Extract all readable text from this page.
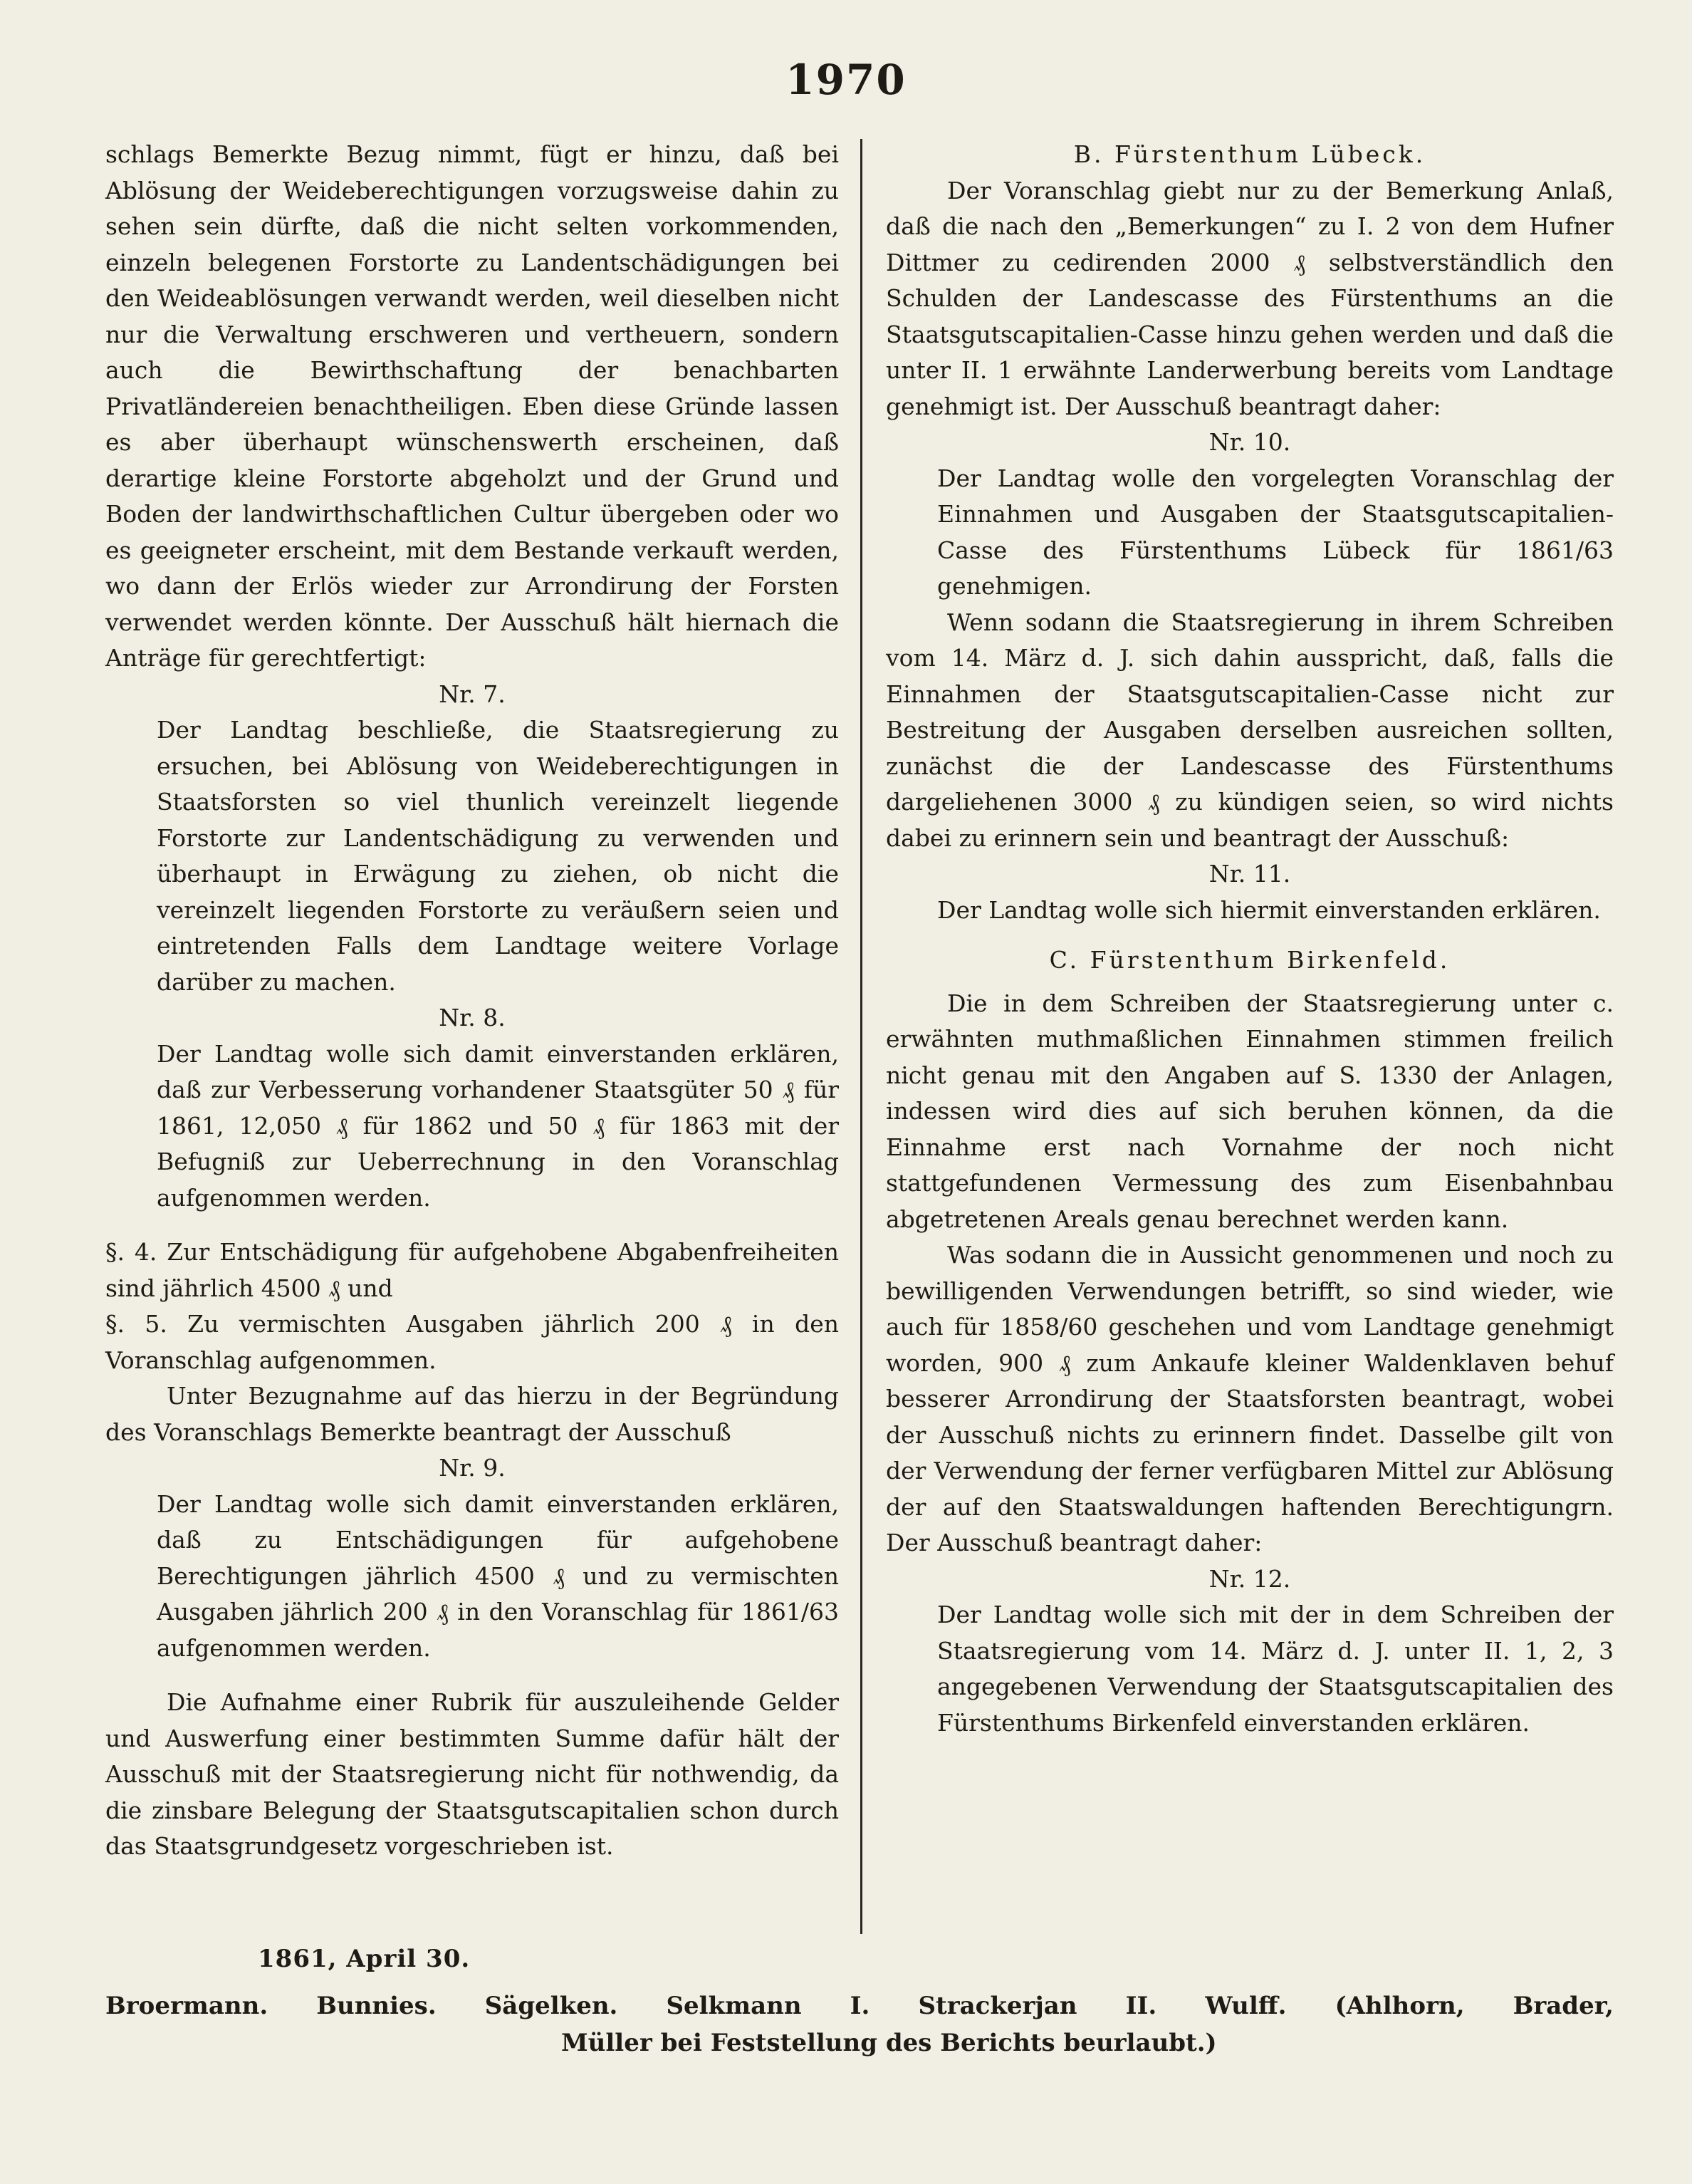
1970

schlags Bemerkte Bezug nimmt, fügt er hinzu, daß bei Ablösung der Weideberechtigungen vorzugsweise dahin zu sehen sein dürfte, daß die nicht selten vorkommenden, einzeln belegenen Forstorte zu Landentschädigungen bei den Weideablösungen verwandt werden, weil dieselben nicht nur die Verwaltung erschweren und vertheuern, sondern auch die Bewirthschaftung der benachbarten Privatländereien benachtheiligen. Eben diese Gründe lassen es aber überhaupt wünschenswerth erscheinen, daß derartige kleine Forstorte abgeholzt und der Grund und Boden der landwirthschaftlichen Cultur übergeben oder wo es geeigneter erscheint, mit dem Bestande verkauft werden, wo dann der Erlös wieder zur Arrondirung der Forsten verwendet werden könnte. Der Ausschuß hält hiernach die Anträge für gerechtfertigt:

Nr. 7.

Der Landtag beschließe, die Staatsregierung zu ersuchen, bei Ablösung von Weideberechtigungen in Staatsforsten so viel thunlich vereinzelt liegende Forstorte zur Landentschädigung zu verwenden und überhaupt in Erwägung zu ziehen, ob nicht die vereinzelt liegenden Forstorte zu veräußern seien und eintretenden Falls dem Landtage weitere Vorlage darüber zu machen.

Nr. 8.

Der Landtag wolle sich damit einverstanden erklären, daß zur Verbesserung vorhandener Staatsgüter 50 ₰ für 1861, 12,050 ₰ für 1862 und 50 ₰ für 1863 mit der Befugniß zur Ueberrechnung in den Voranschlag aufgenommen werden.

§. 4. Zur Entschädigung für aufgehobene Abgabenfreiheiten sind jährlich 4500 ₰ und

§. 5. Zu vermischten Ausgaben jährlich 200 ₰ in den Voranschlag aufgenommen.

Unter Bezugnahme auf das hierzu in der Begründung des Voranschlags Bemerkte beantragt der Ausschuß

Nr. 9.

Der Landtag wolle sich damit einverstanden erklären, daß zu Entschädigungen für aufgehobene Berechtigungen jährlich 4500 ₰ und zu vermischten Ausgaben jährlich 200 ₰ in den Voranschlag für 1861/63 aufgenommen werden.

Die Aufnahme einer Rubrik für auszuleihende Gelder und Auswerfung einer bestimmten Summe dafür hält der Ausschuß mit der Staatsregierung nicht für nothwendig, da die zinsbare Belegung der Staatsgutscapitalien schon durch das Staatsgrundgesetz vorgeschrieben ist.

B. Fürstenthum Lübeck.

Der Voranschlag giebt nur zu der Bemerkung Anlaß, daß die nach den „Bemerkungen“ zu I. 2 von dem Hufner Dittmer zu cedirenden 2000 ₰ selbstverständlich den Schulden der Landescasse des Fürstenthums an die Staatsgutscapitalien-Casse hinzu gehen werden und daß die unter II. 1 erwähnte Landerwerbung bereits vom Landtage genehmigt ist. Der Ausschuß beantragt daher:

Nr. 10.

Der Landtag wolle den vorgelegten Voranschlag der Einnahmen und Ausgaben der Staatsgutscapitalien-Casse des Fürstenthums Lübeck für 1861/63 genehmigen.

Wenn sodann die Staatsregierung in ihrem Schreiben vom 14. März d. J. sich dahin ausspricht, daß, falls die Einnahmen der Staatsgutscapitalien-Casse nicht zur Bestreitung der Ausgaben derselben ausreichen sollten, zunächst die der Landescasse des Fürstenthums dargeliehenen 3000 ₰ zu kündigen seien, so wird nichts dabei zu erinnern sein und beantragt der Ausschuß:

Nr. 11.

Der Landtag wolle sich hiermit einverstanden erklären.

C. Fürstenthum Birkenfeld.

Die in dem Schreiben der Staatsregierung unter c. erwähnten muthmaßlichen Einnahmen stimmen freilich nicht genau mit den Angaben auf S. 1330 der Anlagen, indessen wird dies auf sich beruhen können, da die Einnahme erst nach Vornahme der noch nicht stattgefundenen Vermessung des zum Eisenbahnbau abgetretenen Areals genau berechnet werden kann.

Was sodann die in Aussicht genommenen und noch zu bewilligenden Verwendungen betrifft, so sind wieder, wie auch für 1858/60 geschehen und vom Landtage genehmigt worden, 900 ₰ zum Ankaufe kleiner Waldenklaven behuf besserer Arrondirung der Staatsforsten beantragt, wobei der Ausschuß nichts zu erinnern findet. Dasselbe gilt von der Verwendung der ferner verfügbaren Mittel zur Ablösung der auf den Staatswaldungen haftenden Berechtigungrn. Der Ausschuß beantragt daher:

Nr. 12.

Der Landtag wolle sich mit der in dem Schreiben der Staatsregierung vom 14. März d. J. unter II. 1, 2, 3 angegebenen Verwendung der Staatsgutscapitalien des Fürstenthums Birkenfeld einverstanden erklären.

1861, April 30.

Broermann. Bunnies. Sägelken. Selkmann I. Strackerjan II. Wulff. (Ahlhorn, Brader,

Müller bei Feststellung des Berichts beurlaubt.)
